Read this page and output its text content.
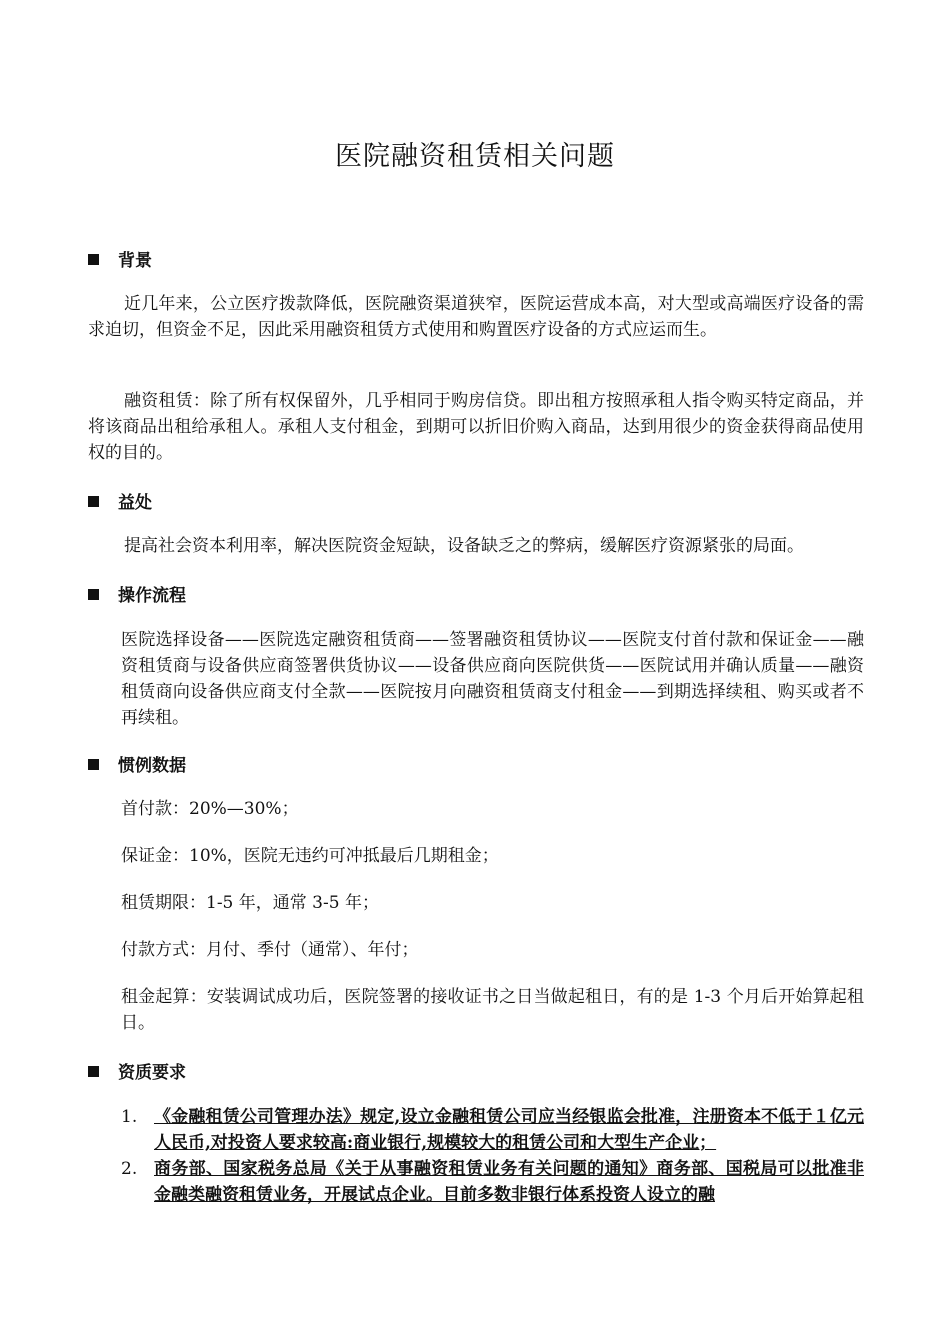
医院融资租赁相关问题
背景
近几年来，公立医疗拨款降低，医院融资渠道狭窄，医院运营成本高，对大型或高端医疗设备的需求迫切，但资金不足，因此采用融资租赁方式使用和购置医疗设备的方式应运而生。
融资租赁：除了所有权保留外，几乎相同于购房信贷。即出租方按照承租人指令购买特定商品，并将该商品出租给承租人。承租人支付租金，到期可以折旧价购入商品，达到用很少的资金获得商品使用权的目的。
益处
提高社会资本利用率，解决医院资金短缺，设备缺乏之的弊病，缓解医疗资源紧张的局面。
操作流程
医院选择设备——医院选定融资租赁商——签署融资租赁协议——医院支付首付款和保证金——融资租赁商与设备供应商签署供货协议——设备供应商向医院供货——医院试用并确认质量——融资租赁商向设备供应商支付全款——医院按月向融资租赁商支付租金——到期选择续租、购买或者不再续租。
惯例数据
首付款：20%—30%；
保证金：10%，医院无违约可冲抵最后几期租金；
租赁期限：1-5 年，通常 3-5 年；
付款方式：月付、季付（通常）、年付；
租金起算：安装调试成功后，医院签署的接收证书之日当做起租日，有的是 1-3 个月后开始算起租日。
资质要求
1. 《金融租赁公司管理办法》规定,设立金融租赁公司应当经银监会批准，注册资本不低于１亿元人民币,对投资人要求较高:商业银行,规模较大的租赁公司和大型生产企业；
2. 商务部、国家税务总局《关于从事融资租赁业务有关问题的通知》商务部、国税局可以批准非金融类融资租赁业务，开展试点企业。目前多数非银行体系投资人设立的融
